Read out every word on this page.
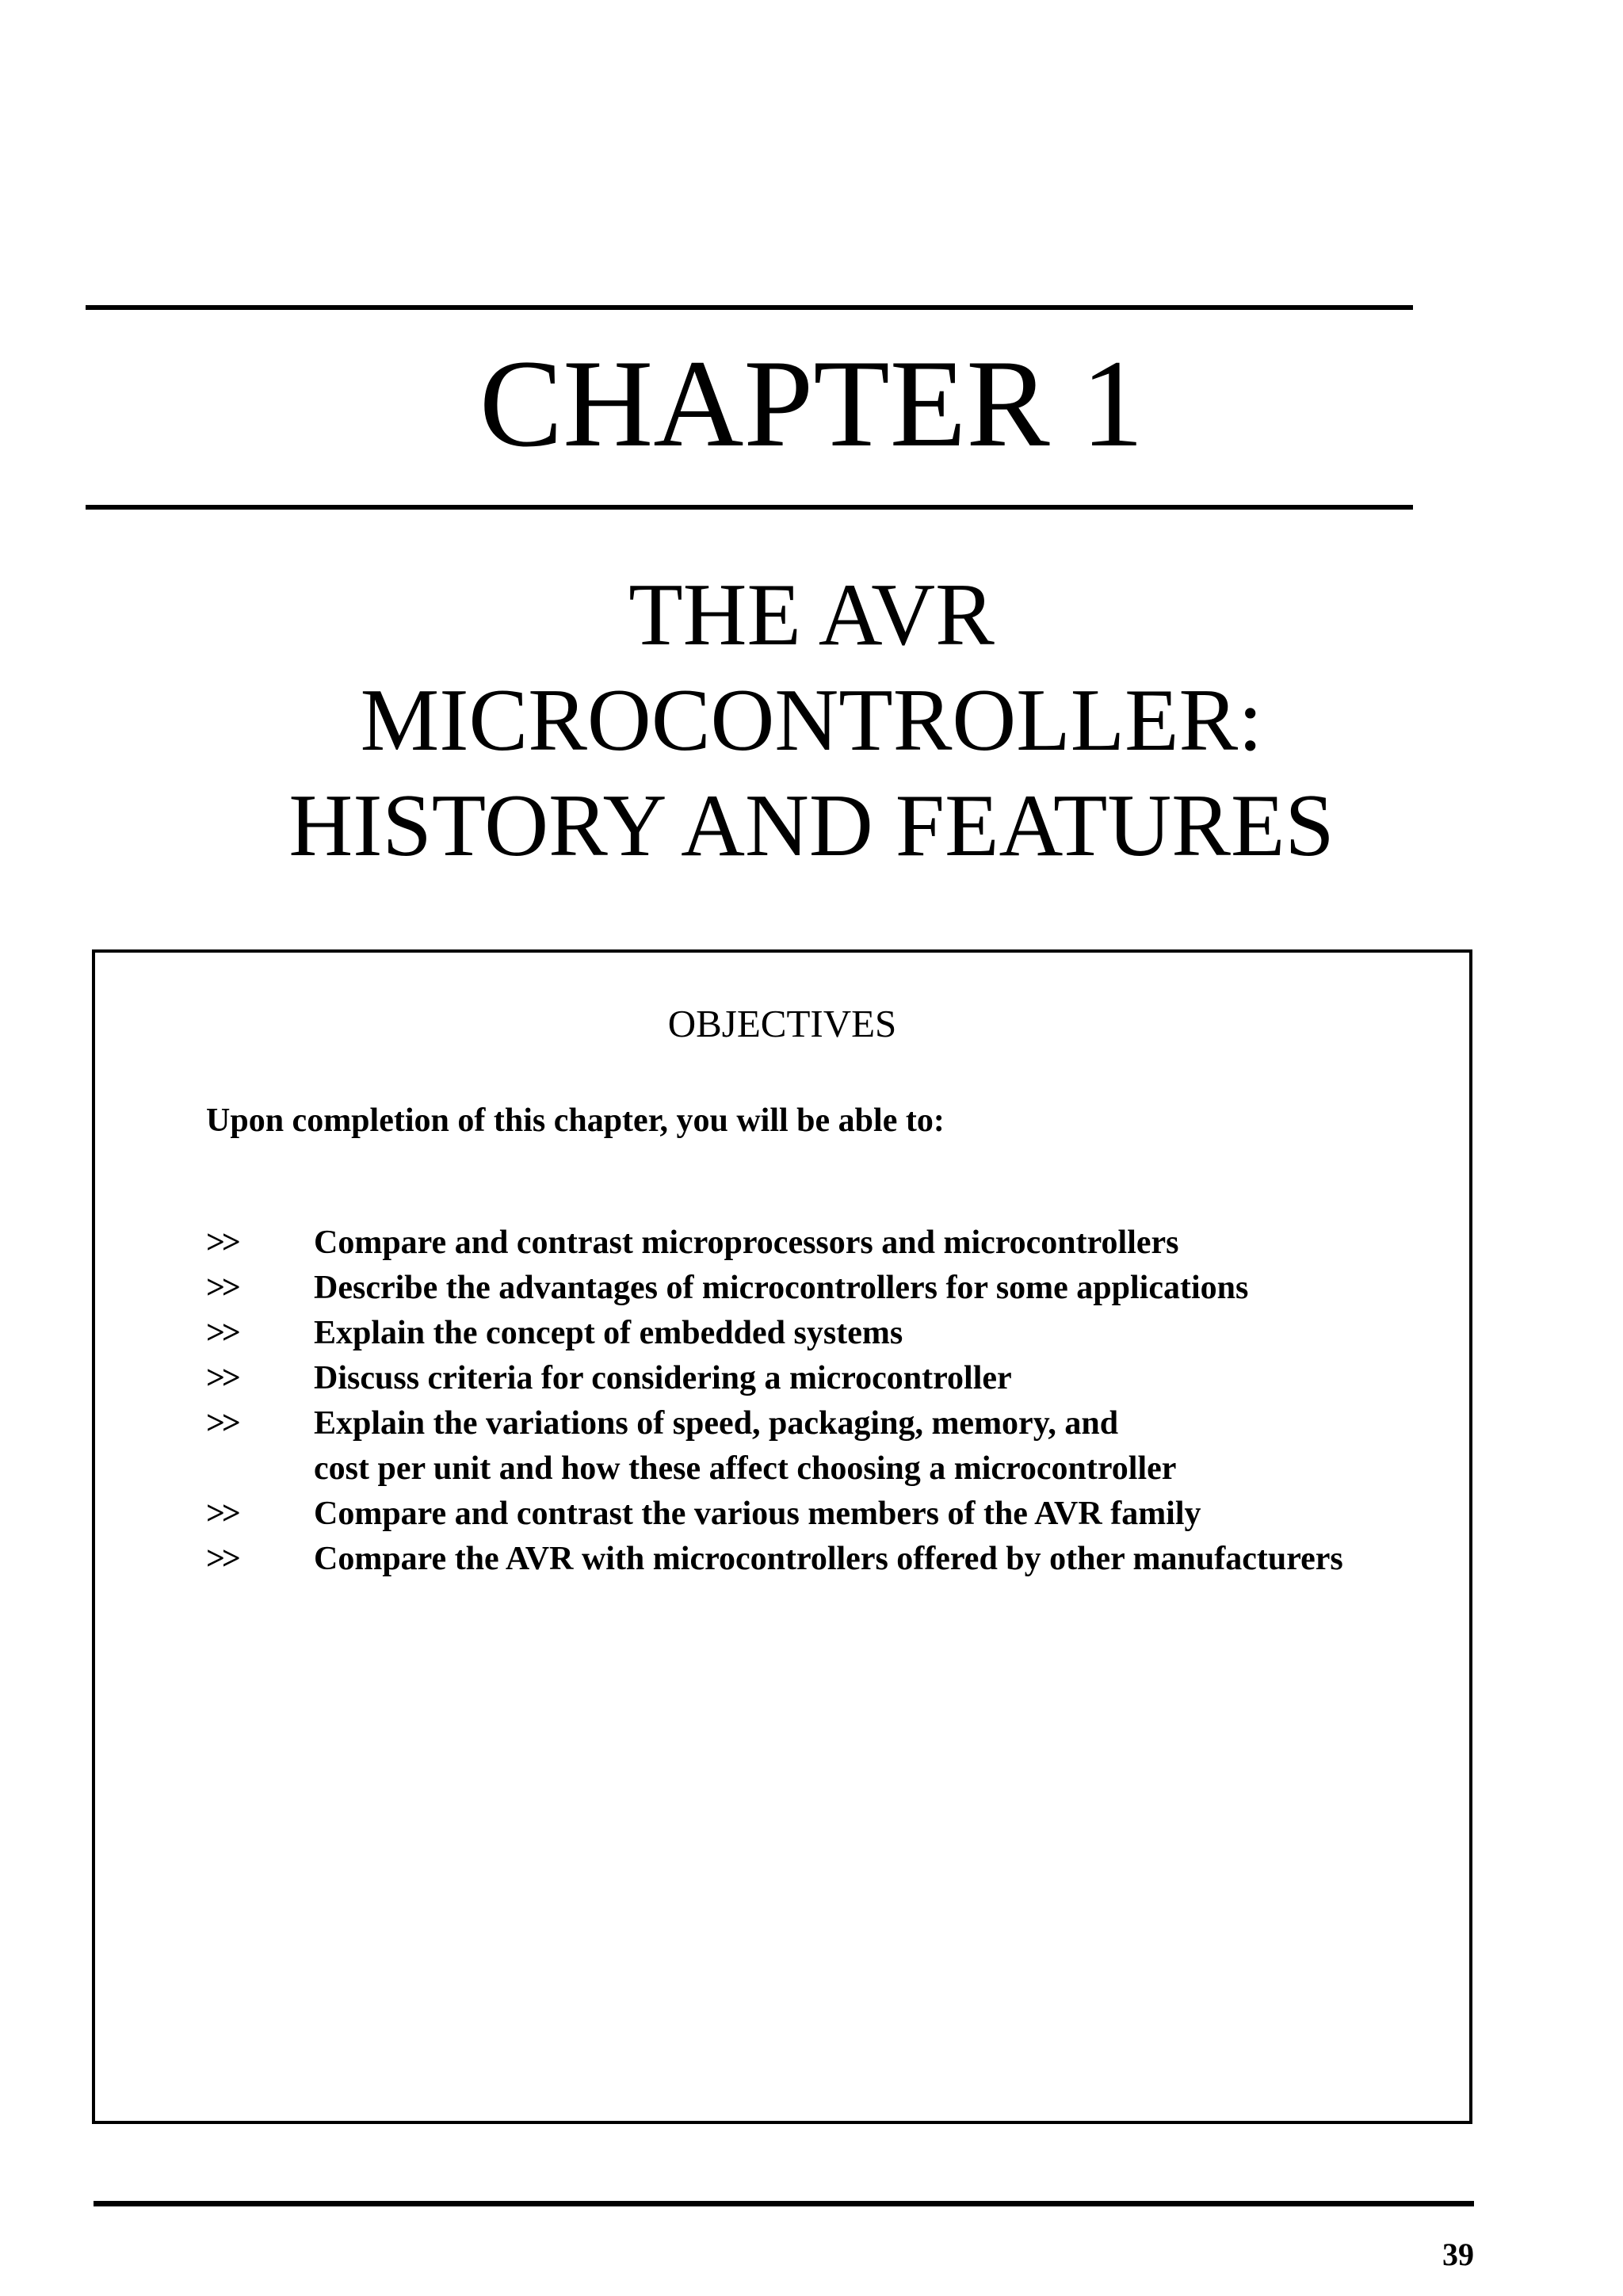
CHAPTER 1
THE AVR
MICROCONTROLLER:
HISTORY AND FEATURES
OBJECTIVES
Upon completion of this chapter, you will be able to:
>>	Compare and contrast microprocessors and microcontrollers
>>	Describe the advantages of microcontrollers for some applications
>>	Explain the concept of embedded systems
>>	Discuss criteria for considering a microcontroller
>>	Explain the variations of speed, packaging, memory, and
cost per unit and how these affect choosing a microcontroller
>>	Compare and contrast the various members of the AVR family
>>	Compare the AVR with microcontrollers offered by other manufacturers
39
